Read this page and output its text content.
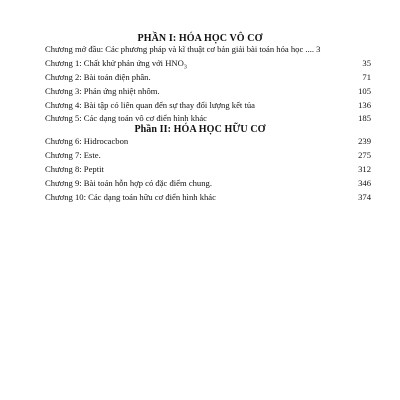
PHẦN I: HÓA HỌC VÔ CƠ
Chương mở đầu: Các phương pháp và kĩ thuật cơ bản giải bài toán hóa học .... 3
Chương 1: Chất khử phản ứng với $HNO_3$	35
Chương 2: Bài toán điện phân.	71
Chương 3: Phản ứng nhiệt nhôm.	105
Chương 4: Bài tập có liên quan đến sự thay đổi lượng kết tủa	136
Chương 5: Các dạng toán vô cơ điển hình khác	185
Phần II: HÓA HỌC HỮU CƠ
Chương 6: Hidrocacbon	239
Chương 7: Este.	275
Chương 8: Peptit	312
Chương 9: Bài toán hỗn hợp có đặc điểm chung.	346
Chương 10: Các dạng toán hữu cơ điển hình khác	374
